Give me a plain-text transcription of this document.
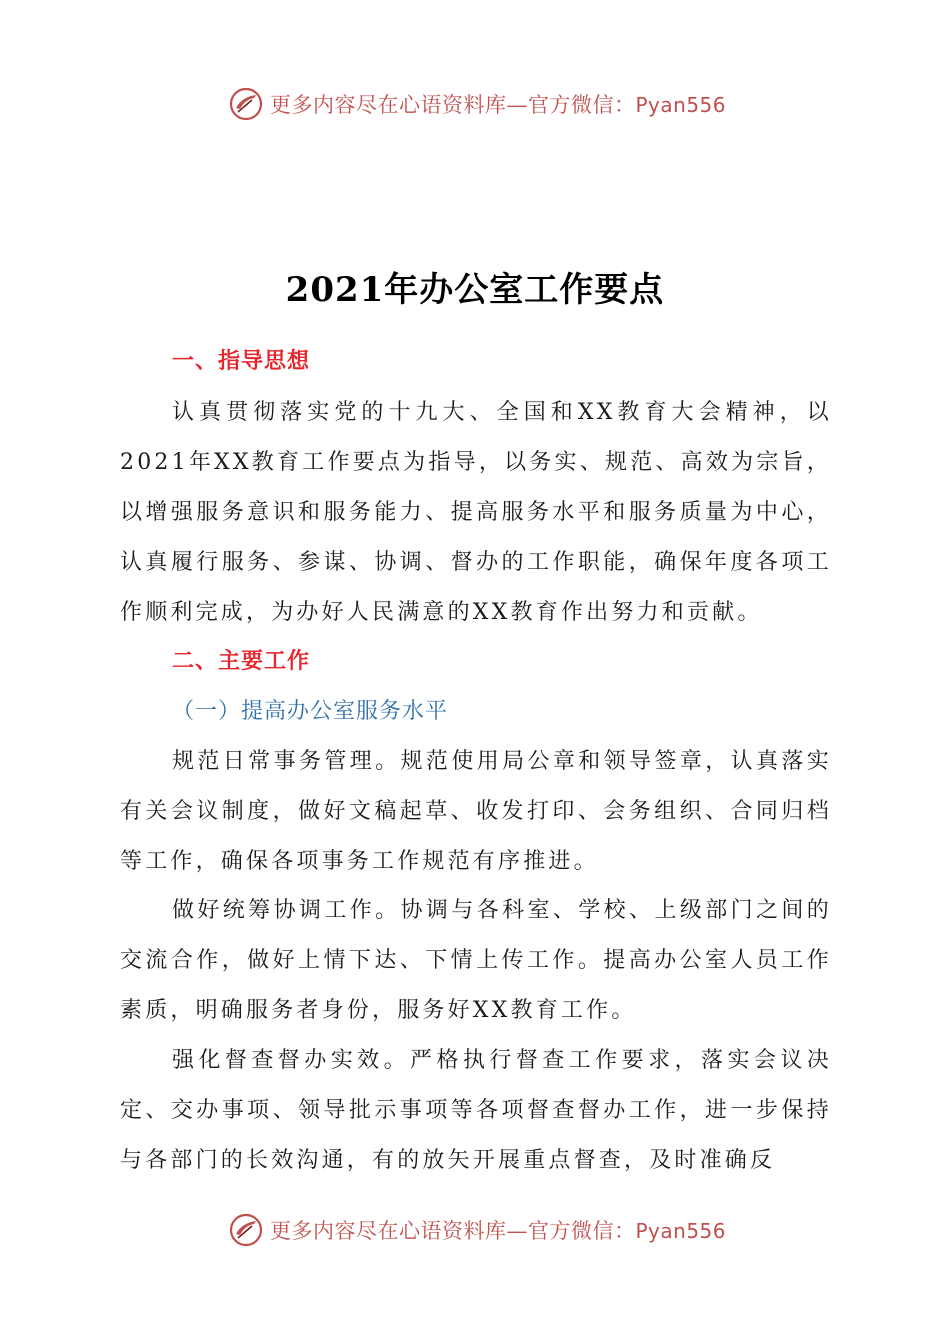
更多内容尽在心语资料库—官方微信：Pyan556
2021年办公室工作要点
一、指导思想

认真贯彻落实党的十九大、全国和XX教育大会精神，以2021年XX教育工作要点为指导，以务实、规范、高效为宗旨，以增强服务意识和服务能力、提高服务水平和服务质量为中心，认真履行服务、参谋、协调、督办的工作职能，确保年度各项工作顺利完成，为办好人民满意的XX教育作出努力和贡献。

二、主要工作
（一）提高办公室服务水平

规范日常事务管理。规范使用局公章和领导签章，认真落实有关会议制度，做好文稿起草、收发打印、会务组织、合同归档等工作，确保各项事务工作规范有序推进。

做好统筹协调工作。协调与各科室、学校、上级部门之间的交流合作，做好上情下达、下情上传工作。提高办公室人员工作素质，明确服务者身份，服务好XX教育工作。

强化督查督办实效。严格执行督查工作要求，落实会议决定、交办事项、领导批示事项等各项督查督办工作，进一步保持与各部门的长效沟通，有的放矢开展重点督查，及时准确反

更多内容尽在心语资料库—官方微信：Pyan556
